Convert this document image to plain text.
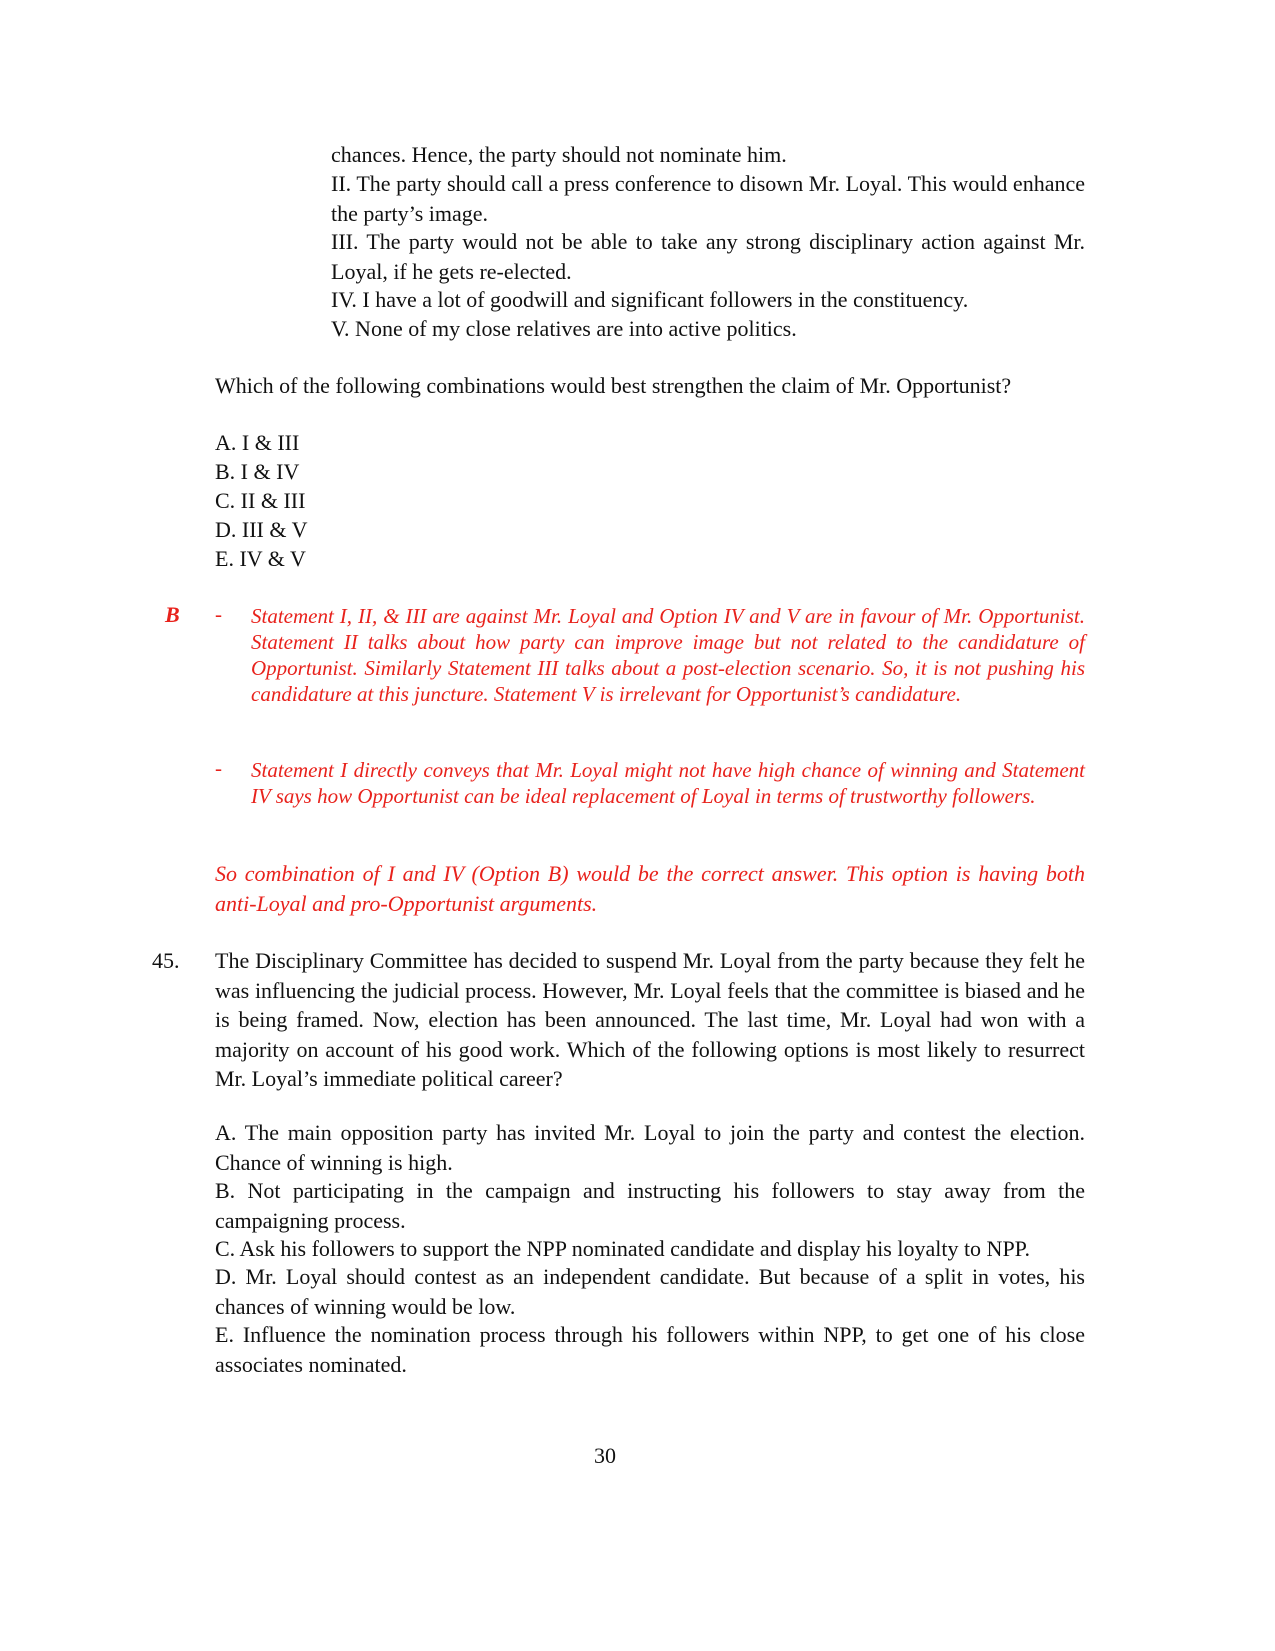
chances. Hence, the party should not nominate him.
II. The party should call a press conference to disown Mr. Loyal. This would enhance the party’s image.
III. The party would not be able to take any strong disciplinary action against Mr. Loyal, if he gets re-elected.
IV. I have a lot of goodwill and significant followers in the constituency.
V. None of my close relatives are into active politics.
Which of the following combinations would best strengthen the claim of Mr. Opportunist?
A. I & III
B. I & IV
C. II & III
D. III & V
E. IV & V
B - Statement I, II, & III are against Mr. Loyal and Option IV and V are in favour of Mr. Opportunist. Statement II talks about how party can improve image but not related to the candidature of Opportunist. Similarly Statement III talks about a post-election scenario. So, it is not pushing his candidature at this juncture. Statement V is irrelevant for Opportunist’s candidature.
- Statement I directly conveys that Mr. Loyal might not have high chance of winning and Statement IV says how Opportunist can be ideal replacement of Loyal in terms of trustworthy followers.
So combination of I and IV (Option B) would be the correct answer. This option is having both anti-Loyal and pro-Opportunist arguments.
45. The Disciplinary Committee has decided to suspend Mr. Loyal from the party because they felt he was influencing the judicial process. However, Mr. Loyal feels that the committee is biased and he is being framed. Now, election has been announced. The last time, Mr. Loyal had won with a majority on account of his good work. Which of the following options is most likely to resurrect Mr. Loyal’s immediate political career?
A. The main opposition party has invited Mr. Loyal to join the party and contest the election. Chance of winning is high.
B. Not participating in the campaign and instructing his followers to stay away from the campaigning process.
C. Ask his followers to support the NPP nominated candidate and display his loyalty to NPP.
D. Mr. Loyal should contest as an independent candidate. But because of a split in votes, his chances of winning would be low.
E. Influence the nomination process through his followers within NPP, to get one of his close associates nominated.
30
